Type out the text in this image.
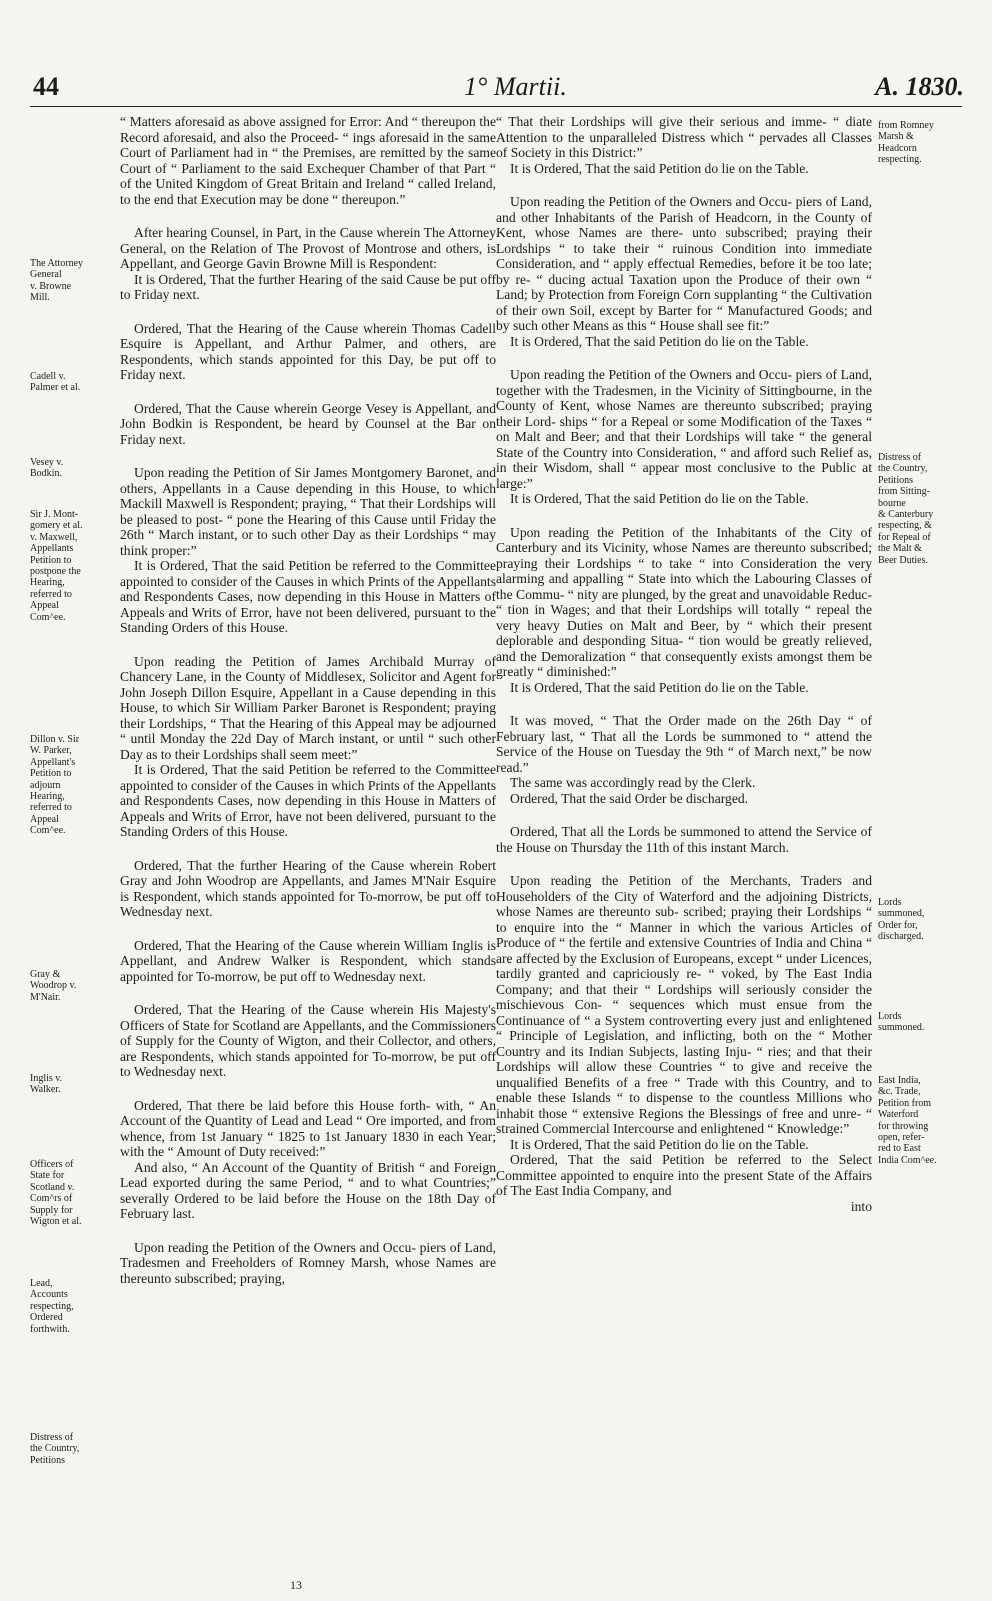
44	1° Martii.	A. 1830.
The Attorney
General
v. Browne
Mill.
Cadell v.
Palmer et al.
Vesey v.
Bodkin.
Sir J. Mont-
gomery et al.
v. Maxwell,
Appellants
Petition to
postpone the
Hearing,
referred to
Appeal
Com^ee.
Dillon v. Sir
W. Parker,
Appellant's
Petition to
adjourn
Hearing,
referred to
Appeal
Com^ee.
Gray &
Woodrop v.
M'Nair.
Inglis v.
Walker.
Officers of
State for
Scotland v.
Com^rs of
Supply for
Wigton et al.
Lead,
Accounts
respecting,
Ordered
forthwith.
Distress of
the Country,
Petitions

“ Matters aforesaid as above assigned for Error: And “ thereupon the Record aforesaid, and also the Proceed- “ ings aforesaid in the same Court of Parliament had in “ the Premises, are remitted by the same Court of “ Parliament to the said Exchequer Chamber of that Part “ of the United Kingdom of Great Britain and Ireland “ called Ireland, to the end that Execution may be done “ thereupon.”

After hearing Counsel, in Part, in the Cause wherein The Attorney General, on the Relation of The Provost of Montrose and others, is Appellant, and George Gavin Browne Mill is Respondent:

It is Ordered, That the further Hearing of the said Cause be put off to Friday next.

Ordered, That the Hearing of the Cause wherein Thomas Cadell Esquire is Appellant, and Arthur Palmer, and others, are Respondents, which stands appointed for this Day, be put off to Friday next.

Ordered, That the Cause wherein George Vesey is Appellant, and John Bodkin is Respondent, be heard by Counsel at the Bar on Friday next.

Upon reading the Petition of Sir James Montgomery Baronet, and others, Appellants in a Cause depending in this House, to which Mackill Maxwell is Respondent; praying, “ That their Lordships will be pleased to post- “ pone the Hearing of this Cause until Friday the 26th “ March instant, or to such other Day as their Lordships “ may think proper:”

It is Ordered, That the said Petition be referred to the Committee appointed to consider of the Causes in which Prints of the Appellants and Respondents Cases, now depending in this House in Matters of Appeals and Writs of Error, have not been delivered, pursuant to the Standing Orders of this House.

Upon reading the Petition of James Archibald Murray of Chancery Lane, in the County of Middlesex, Solicitor and Agent for John Joseph Dillon Esquire, Appellant in a Cause depending in this House, to which Sir William Parker Baronet is Respondent; praying their Lordships, “ That the Hearing of this Appeal may be adjourned “ until Monday the 22d Day of March instant, or until “ such other Day as to their Lordships shall seem meet:”

It is Ordered, That the said Petition be referred to the Committee appointed to consider of the Causes in which Prints of the Appellants and Respondents Cases, now depending in this House in Matters of Appeals and Writs of Error, have not been delivered, pursuant to the Standing Orders of this House.

Ordered, That the further Hearing of the Cause wherein Robert Gray and John Woodrop are Appellants, and James M'Nair Esquire is Respondent, which stands appointed for To-morrow, be put off to Wednesday next.

Ordered, That the Hearing of the Cause wherein William Inglis is Appellant, and Andrew Walker is Respondent, which stands appointed for To-morrow, be put off to Wednesday next.

Ordered, That the Hearing of the Cause wherein His Majesty's Officers of State for Scotland are Appellants, and the Commissioners of Supply for the County of Wigton, and their Collector, and others, are Respondents, which stands appointed for To-morrow, be put off to Wednesday next.

Ordered, That there be laid before this House forth- with, “ An Account of the Quantity of Lead and Lead “ Ore imported, and from whence, from 1st January “ 1825 to 1st January 1830 in each Year; with the “ Amount of Duty received:”

And also, “ An Account of the Quantity of British “ and Foreign Lead exported during the same Period, “ and to what Countries;” severally Ordered to be laid before the House on the 18th Day of February last.

Upon reading the Petition of the Owners and Occu- piers of Land, Tradesmen and Freeholders of Romney Marsh, whose Names are thereunto subscribed; praying,

“ That their Lordships will give their serious and imme- “ diate Attention to the unparalleled Distress which “ pervades all Classes of Society in this District:”

It is Ordered, That the said Petition do lie on the Table.

Upon reading the Petition of the Owners and Occu- piers of Land, and other Inhabitants of the Parish of Headcorn, in the County of Kent, whose Names are there- unto subscribed; praying their Lordships “ to take their “ ruinous Condition into immediate Consideration, and “ apply effectual Remedies, before it be too late; by re- “ ducing actual Taxation upon the Produce of their own “ Land; by Protection from Foreign Corn supplanting “ the Cultivation of their own Soil, except by Barter for “ Manufactured Goods; and by such other Means as this “ House shall see fit:”

It is Ordered, That the said Petition do lie on the Table.

Upon reading the Petition of the Owners and Occu- piers of Land, together with the Tradesmen, in the Vicinity of Sittingbourne, in the County of Kent, whose Names are thereunto subscribed; praying their Lord- ships “ for a Repeal or some Modification of the Taxes “ on Malt and Beer; and that their Lordships will take “ the general State of the Country into Consideration, “ and afford such Relief as, in their Wisdom, shall “ appear most conclusive to the Public at large:”

It is Ordered, That the said Petition do lie on the Table.

Upon reading the Petition of the Inhabitants of the City of Canterbury and its Vicinity, whose Names are thereunto subscribed; praying their Lordships “ to take “ into Consideration the very alarming and appalling “ State into which the Labouring Classes of the Commu- “ nity are plunged, by the great and unavoidable Reduc- “ tion in Wages; and that their Lordships will totally “ repeal the very heavy Duties on Malt and Beer, by “ which their present deplorable and desponding Situa- “ tion would be greatly relieved, and the Demoralization “ that consequently exists amongst them be greatly “ diminished:”

It is Ordered, That the said Petition do lie on the Table.

It was moved, “ That the Order made on the 26th Day “ of February last, “ That all the Lords be summoned to “ attend the Service of the House on Tuesday the 9th “ of March next,” be now read.”

The same was accordingly read by the Clerk.

Ordered, That the said Order be discharged.

Ordered, That all the Lords be summoned to attend the Service of the House on Thursday the 11th of this instant March.

Upon reading the Petition of the Merchants, Traders and Householders of the City of Waterford and the adjoining Districts, whose Names are thereunto sub- scribed; praying their Lordships “ to enquire into the “ Manner in which the various Articles of Produce of “ the fertile and extensive Countries of India and China “ are affected by the Exclusion of Europeans, except “ under Licences, tardily granted and capriciously re- “ voked, by The East India Company; and that their “ Lordships will seriously consider the mischievous Con- “ sequences which must ensue from the Continuance of “ a System controverting every just and enlightened “ Principle of Legislation, and inflicting, both on the “ Mother Country and its Indian Subjects, lasting Inju- “ ries; and that their Lordships will allow these Countries “ to give and receive the unqualified Benefits of a free “ Trade with this Country, and to enable these Islands “ to dispense to the countless Millions who inhabit those “ extensive Regions the Blessings of free and unre- “ strained Commercial Intercourse and enlightened “ Knowledge:”

It is Ordered, That the said Petition do lie on the Table.

Ordered, That the said Petition be referred to the Select Committee appointed to enquire into the present State of the Affairs of The East India Company, and

into

from Romney
Marsh &
Headcorn
respecting.
Distress of
the Country,
Petitions
from Sitting-
bourne
& Canterbury
respecting, &
for Repeal of
the Malt &
Beer Duties.
Lords
summoned,
Order for,
discharged.
Lords
summoned.
East India,
&c. Trade,
Petition from
Waterford
for throwing
open, refer-
red to East
India Com^ee.
13
